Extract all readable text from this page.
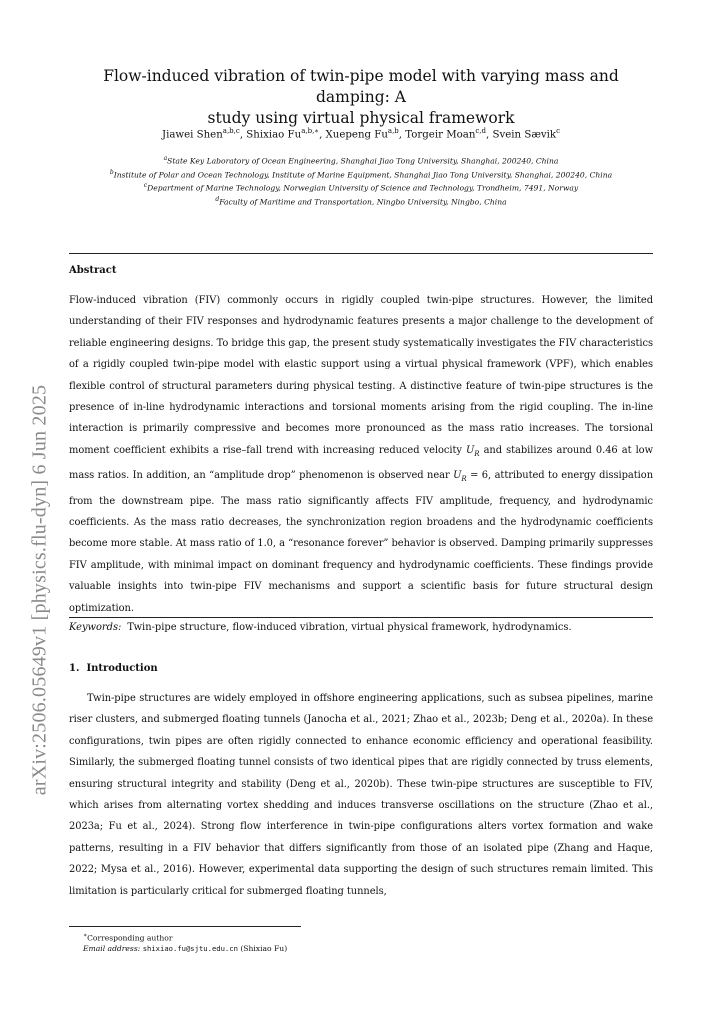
arXiv:2506.05649v1 [physics.flu-dyn] 6 Jun 2025
Flow-induced vibration of twin-pipe model with varying mass and damping: A
study using virtual physical framework
Jiawei Shen$^{a,b,c}$, Shixiao $Fu^{a,b,∗}$, Xuepeng Fu$^{a,b}$, Torgeir Moan$^{c,d}$, Svein Sævik$^c$
$^a$State Key Laboratory of Ocean Engineering, Shanghai Jiao Tong University, Shanghai, 200240, China
$^b$Institute of Polar and Ocean Technology, Institute of Marine Equipment, Shanghai Jiao Tong University, Shanghai, 200240, China
$^c$Department of Marine Technology, Norwegian University of Science and Technology, Trondheim, 7491, Norway
$^d$Faculty of Maritime and Transportation, Ningbo University, Ningbo, China
Abstract

Flow-induced vibration (FIV) commonly occurs in rigidly coupled twin-pipe structures. However, the limited understanding of their FIV responses and hydrodynamic features presents a major challenge to the development of reliable engineering designs. To bridge this gap, the present study systematically investigates the FIV characteristics of a rigidly coupled twin-pipe model with elastic support using a virtual physical framework (VPF), which enables flexible control of structural parameters during physical testing. A distinctive feature of twin-pipe structures is the presence of in-line hydrodynamic interactions and torsional moments arising from the rigid coupling. The in-line interaction is primarily compressive and becomes more pronounced as the mass ratio increases. The torsional moment coefficient exhibits a rise–fall trend with increasing reduced velocity $U_R$ and stabilizes around 0.46 at low mass ratios. In addition, an “amplitude drop” phenomenon is observed near $U_R = 6$, attributed to energy dissipation from the downstream pipe. The mass ratio significantly affects FIV amplitude, frequency, and hydrodynamic coefficients. As the mass ratio decreases, the synchronization region broadens and the hydrodynamic coefficients become more stable. At mass ratio of 1.0, a “resonance forever” behavior is observed. Damping primarily suppresses FIV amplitude, with minimal impact on dominant frequency and hydrodynamic coefficients. These findings provide valuable insights into twin-pipe FIV mechanisms and support a scientific basis for future structural design optimization.

Keywords: Twin-pipe structure, flow-induced vibration, virtual physical framework, hydrodynamics.
1. Introduction

Twin-pipe structures are widely employed in offshore engineering applications, such as subsea pipelines, marine riser clusters, and submerged floating tunnels (Janocha et al., 2021; Zhao et al., 2023b; Deng et al., 2020a). In these configurations, twin pipes are often rigidly connected to enhance economic efficiency and operational feasibility. Similarly, the submerged floating tunnel consists of two identical pipes that are rigidly connected by truss elements, ensuring structural integrity and stability (Deng et al., 2020b). These twin-pipe structures are susceptible to FIV, which arises from alternating vortex shedding and induces transverse oscillations on the structure (Zhao et al., 2023a; Fu et al., 2024). Strong flow interference in twin-pipe configurations alters vortex formation and wake patterns, resulting in a FIV behavior that differs significantly from those of an isolated pipe (Zhang and Haque, 2022; Mysa et al., 2016). However, experimental data supporting the design of such structures remain limited. This limitation is particularly critical for submerged floating tunnels,

∗Corresponding author
Email address: shixiao.fu@sjtu.edu.cn (Shixiao Fu)
